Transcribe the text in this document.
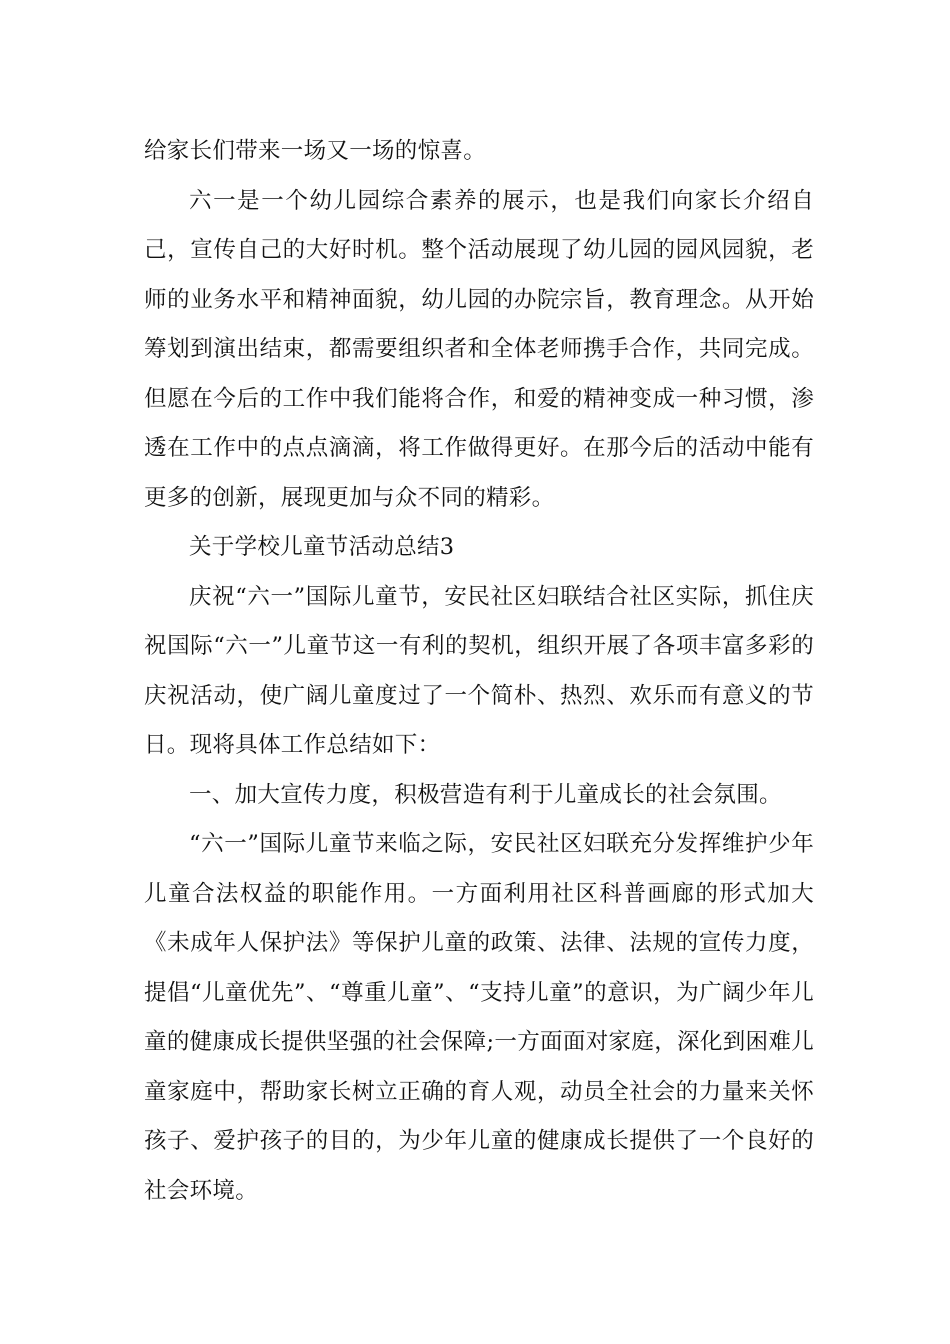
给家长们带来一场又一场的惊喜。

六一是一个幼儿园综合素养的展示，也是我们向家长介绍自己，宣传自己的大好时机。整个活动展现了幼儿园的园风园貌，老师的业务水平和精神面貌，幼儿园的办院宗旨，教育理念。从开始筹划到演出结束，都需要组织者和全体老师携手合作，共同完成。但愿在今后的工作中我们能将合作，和爱的精神变成一种习惯，渗透在工作中的点点滴滴，将工作做得更好。在那今后的活动中能有更多的创新，展现更加与众不同的精彩。

关于学校儿童节活动总结3

庆祝“六一”国际儿童节，安民社区妇联结合社区实际，抓住庆祝国际“六一”儿童节这一有利的契机，组织开展了各项丰富多彩的庆祝活动，使广阔儿童度过了一个简朴、热烈、欢乐而有意义的节日。现将具体工作总结如下：

一、加大宣传力度，积极营造有利于儿童成长的社会氛围。

“六一”国际儿童节来临之际，安民社区妇联充分发挥维护少年儿童合法权益的职能作用。一方面利用社区科普画廊的形式加大《未成年人保护法》等保护儿童的政策、法律、法规的宣传力度，提倡“儿童优先”、“尊重儿童”、“支持儿童”的意识，为广阔少年儿童的健康成长提供坚强的社会保障;一方面面对家庭，深化到困难儿童家庭中，帮助家长树立正确的育人观，动员全社会的力量来关怀孩子、爱护孩子的目的，为少年儿童的健康成长提供了一个良好的社会环境。
